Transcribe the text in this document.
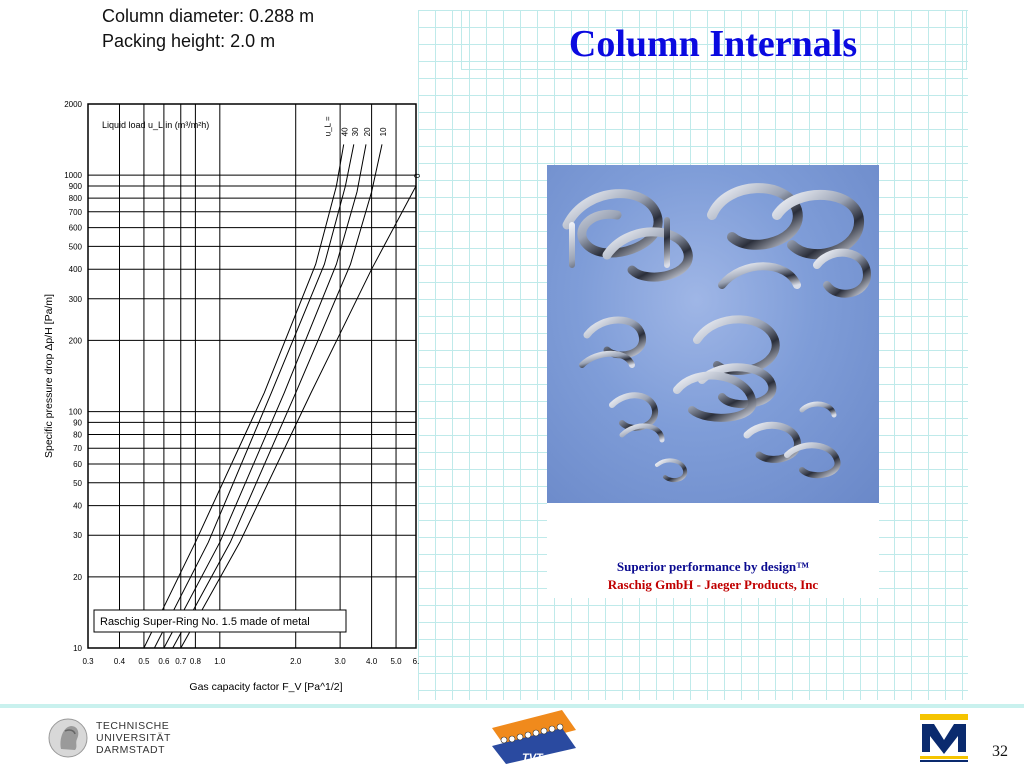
Column Internals
Column diameter: 0.288 m
Packing height: 2.0 m
40 30 20 10
0
u_L =
0.3	0.4 0.5 0.6 0.7 0.8 1.0	2.0	3.0	4.0 5.0 6.
10
20
30
40
50
60
70
80
90
100
200
300
400
500
600
700
800
900
1000
2000
Liquid load u_L in (m³/m²h)
Specific pressure drop Δp/H [Pa/m]
Gas capacity factor F_V [Pa^1/2]
Raschig Super-Ring No. 1.5 made of metal
Superior performance by design™
Raschig GmbH - Jaeger Products, Inc
TECHNISCHE
UNIVERSITÄT
DARMSTADT
TVT	32
